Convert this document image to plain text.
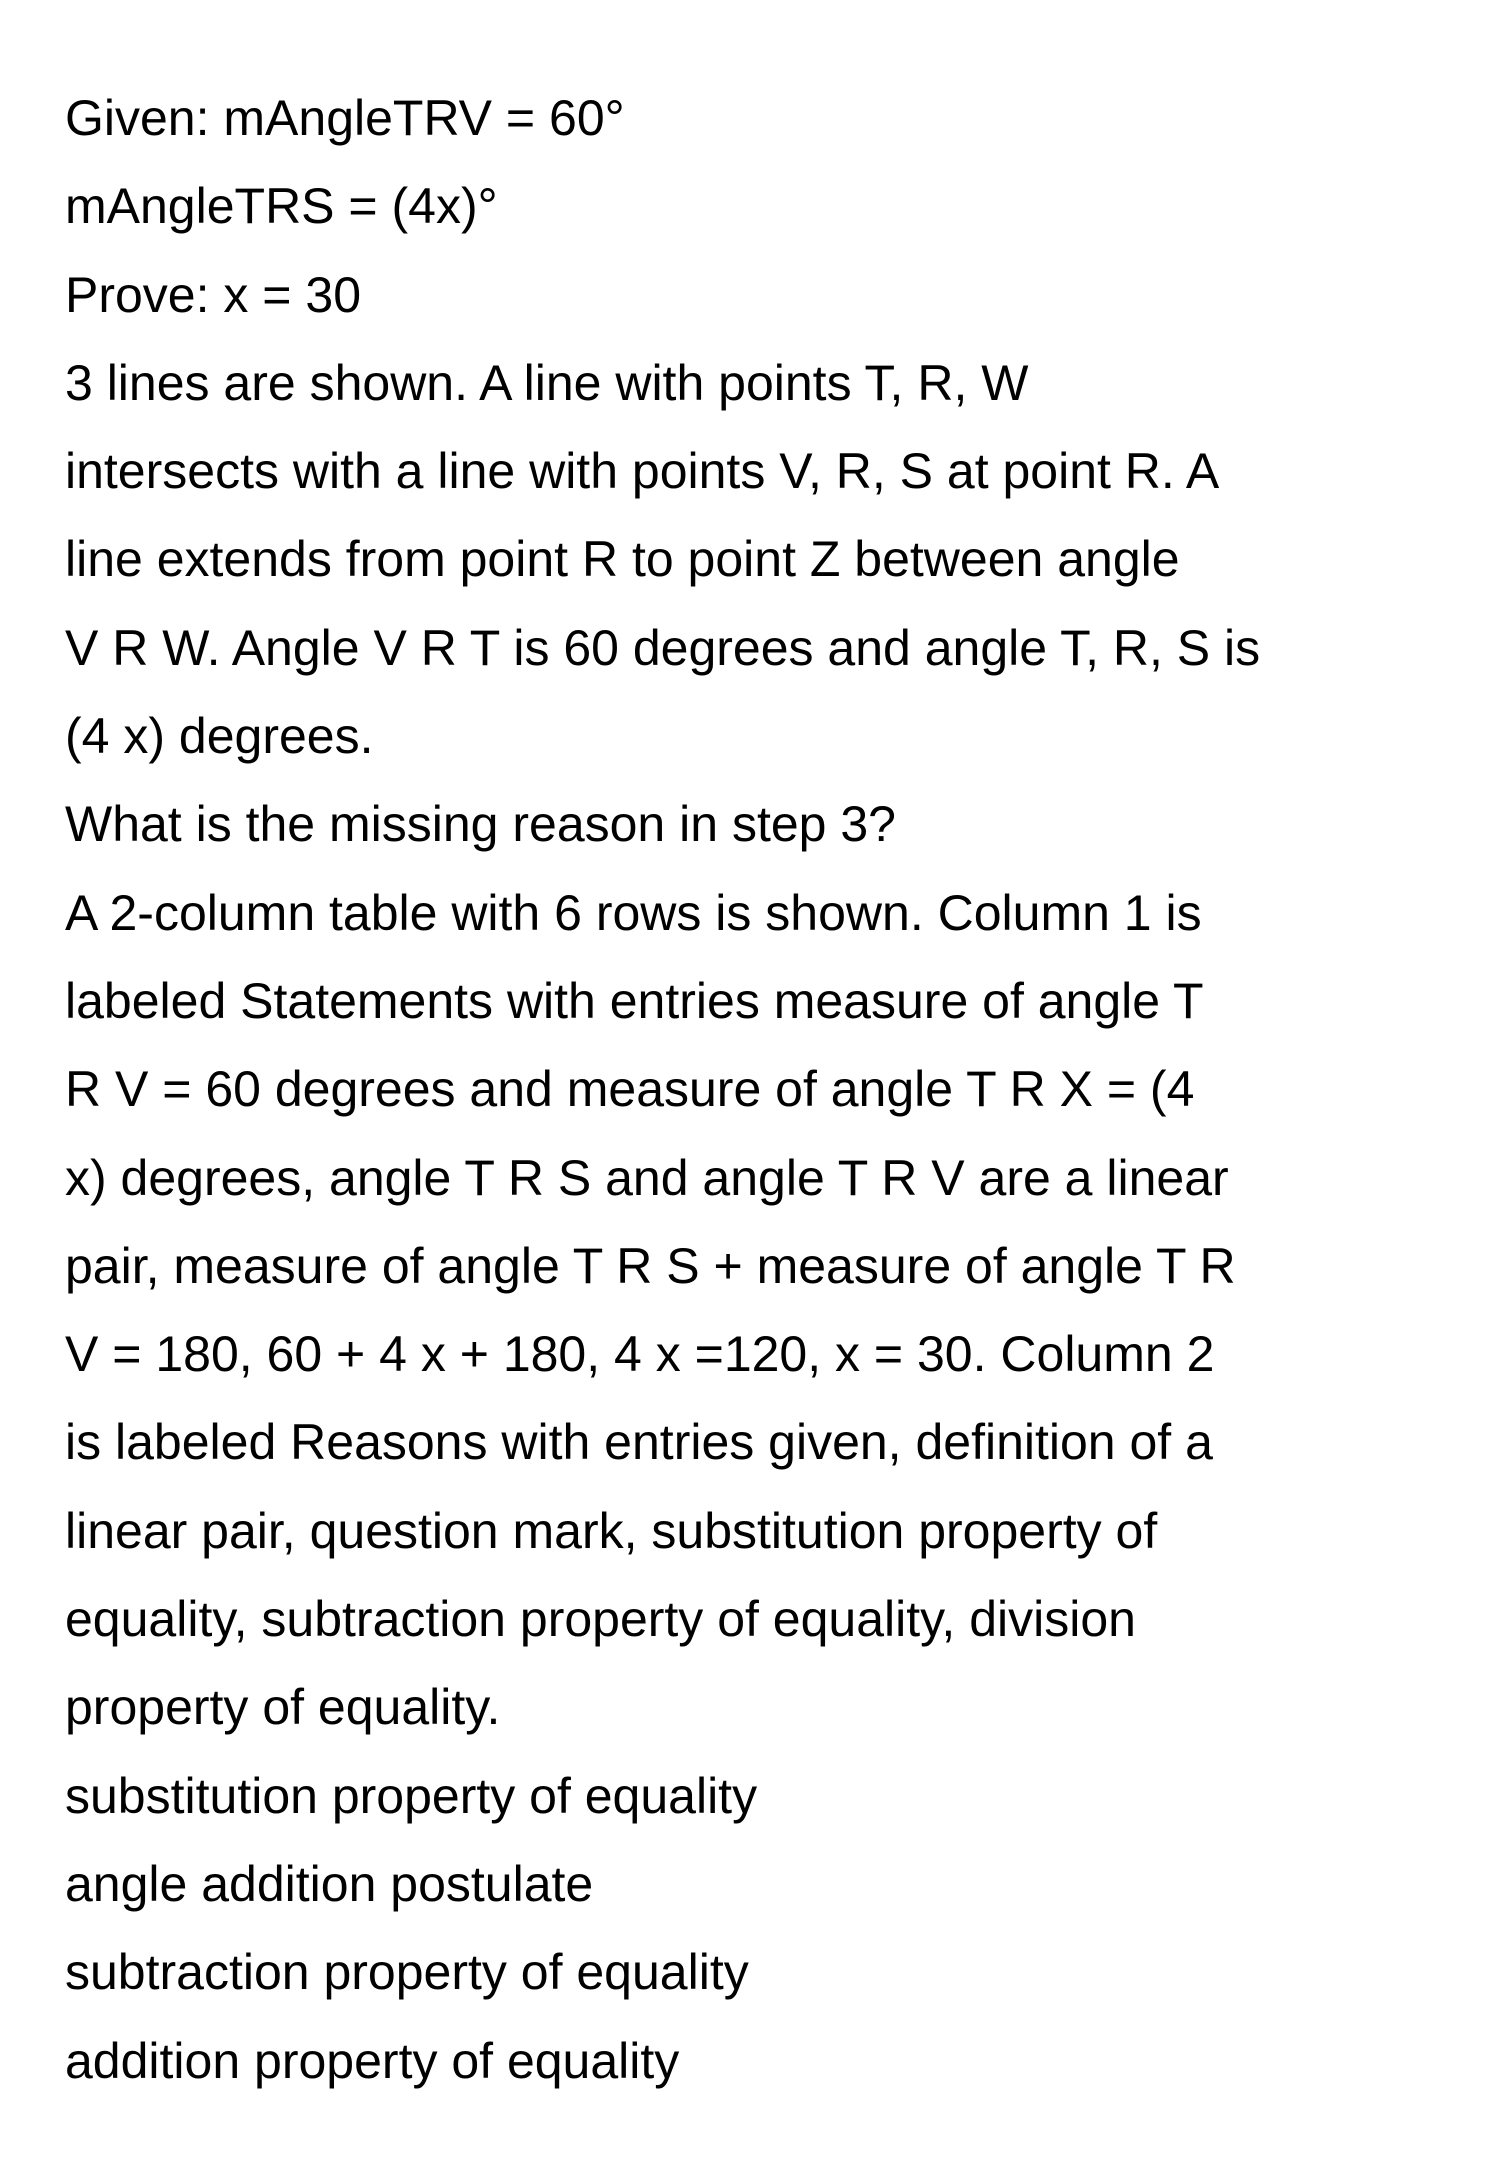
Given: mAngleTRV = 60°
mAngleTRS = (4x)°
Prove: x = 30
3 lines are shown. A line with points T, R, W
intersects with a line with points V, R, S at point R. A
line extends from point R to point Z between angle
V R W. Angle V R T is 60 degrees and angle T, R, S is
(4 x) degrees.
What is the missing reason in step 3?
A 2-column table with 6 rows is shown. Column 1 is
labeled Statements with entries measure of angle T
R V = 60 degrees and measure of angle T R X = (4
x) degrees, angle T R S and angle T R V are a linear
pair, measure of angle T R S + measure of angle T R
V = 180, 60 + 4 x + 180, 4 x =120, x = 30. Column 2
is labeled Reasons with entries given, definition of a
linear pair, question mark, substitution property of
equality, subtraction property of equality, division
property of equality.
substitution property of equality
angle addition postulate
subtraction property of equality
addition property of equality
